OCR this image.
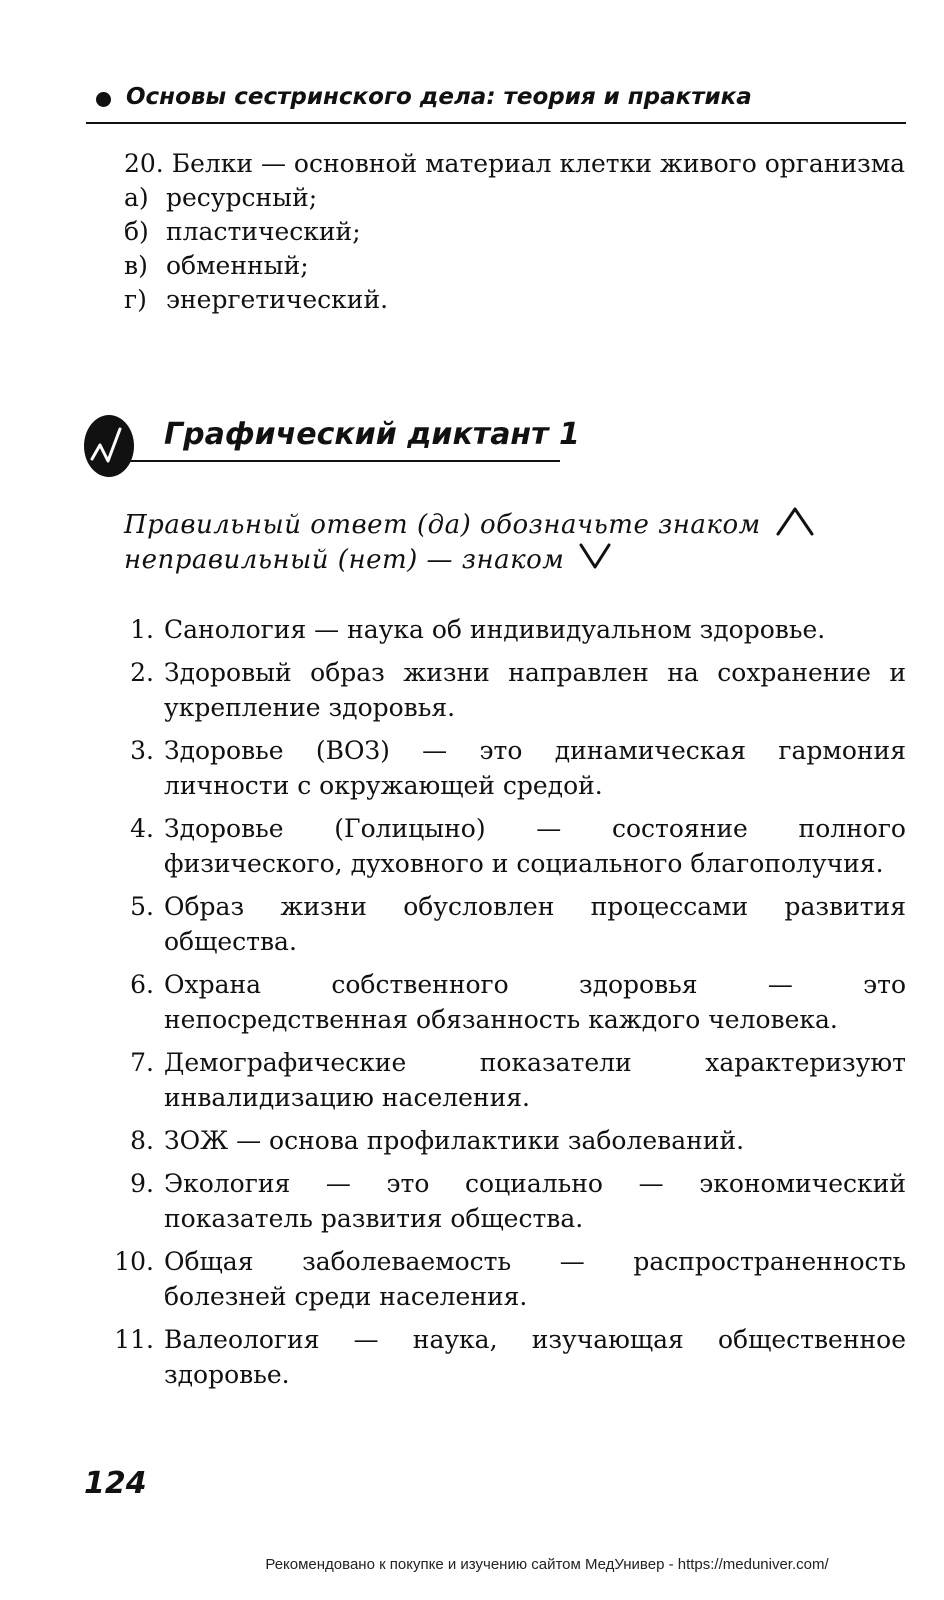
Основы сестринского дела: теория и практика
20. Белки — основной материал клетки живого организма
а) ресурсный;
б) пластический;
в) обменный;
г) энергетический.
Графический диктант 1
Правильный ответ (да) обозначьте знаком
неправильный (нет) — знаком
1. Санология — наука об индивидуальном здоровье.
2. Здоровый образ жизни направлен на сохранение и укрепление здоровья.
3. Здоровье (ВОЗ) — это динамическая гармония личности с окружающей средой.
4. Здоровье (Голицыно) — состояние полного физического, духовного и социального благополучия.
5. Образ жизни обусловлен процессами развития общества.
6. Охрана собственного здоровья — это непосредственная обязанность каждого человека.
7. Демографические показатели характеризуют инвалидизацию населения.
8. ЗОЖ — основа профилактики заболеваний.
9. Экология — это социально — экономический показатель развития общества.
10. Общая заболеваемость — распространенность болезней среди населения.
11. Валеология — наука, изучающая общественное здоровье.
124
Рекомендовано к покупке и изучению сайтом МедУнивер - https://meduniver.com/
